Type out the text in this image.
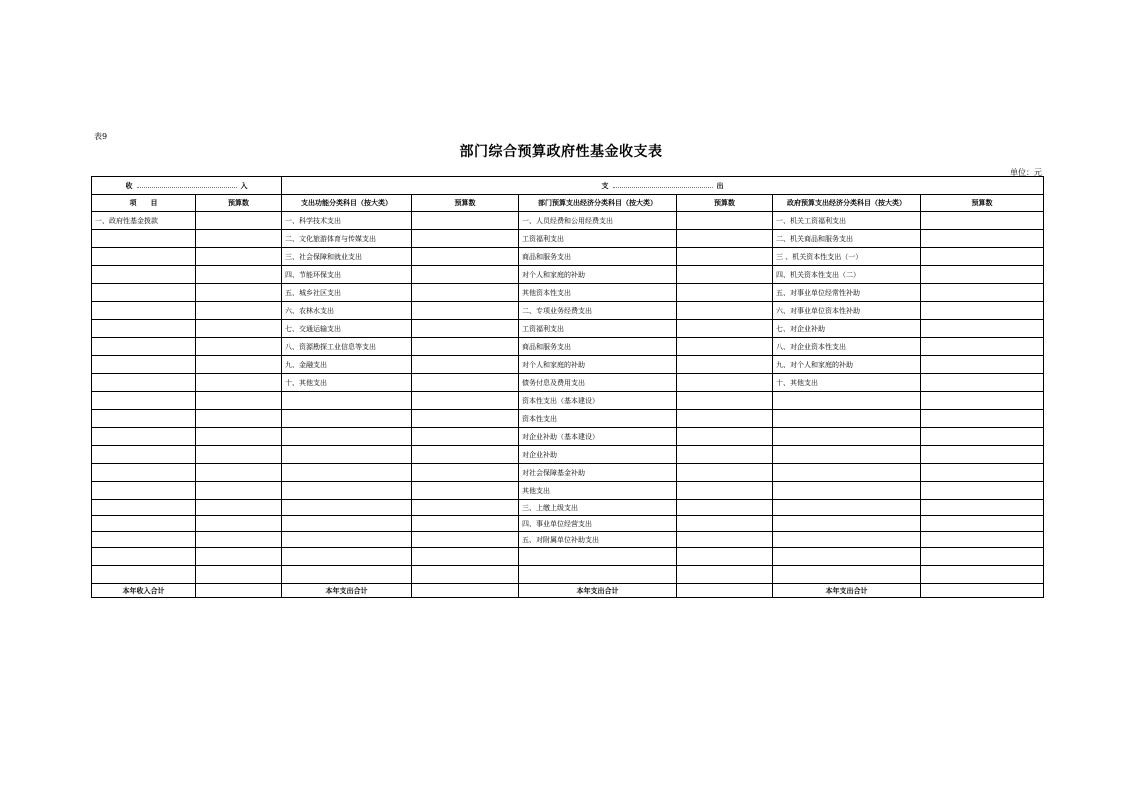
表9
部门综合预算政府性基金收支表
单位：元
收 入		支 出					
项　　目	预算数	支出功能分类科目（按大类）	预算数	部门预算支出经济分类科目（按大类）	预算数	政府预算支出经济分类科目（按大类）	预算数
一、政府性基金拨款		一、科学技术支出		一、人员经费和公用经费支出		一、机关工资福利支出	
		二、文化旅游体育与传媒支出		工资福利支出		二、机关商品和服务支出	
		三、社会保障和就业支出		商品和服务支出		三 、机关资本性支出（一）	
		四、节能环保支出		对个人和家庭的补助		四、机关资本性支出（二）	
		五、城乡社区支出		其他资本性支出		五、对事业单位经常性补助	
		六、农林水支出		二、专项业务经费支出		六、对事业单位资本性补助	
		七、交通运输支出		工资福利支出		七、对企业补助	
		八、资源勘探工业信息等支出		商品和服务支出		八、对企业资本性支出	
		九、金融支出		对个人和家庭的补助		九、对个人和家庭的补助	
		十、其他支出		债务付息及费用支出		十、其他支出	
				资本性支出（基本建设）			
				资本性支出			
				对企业补助（基本建设）			
				对企业补助			
				对社会保障基金补助			
				其他支出			
				三、上缴上级支出			
				四、事业单位经营支出			
				五、对附属单位补助支出			

本年收入合计		本年支出合计		本年支出合计		本年支出合计	
